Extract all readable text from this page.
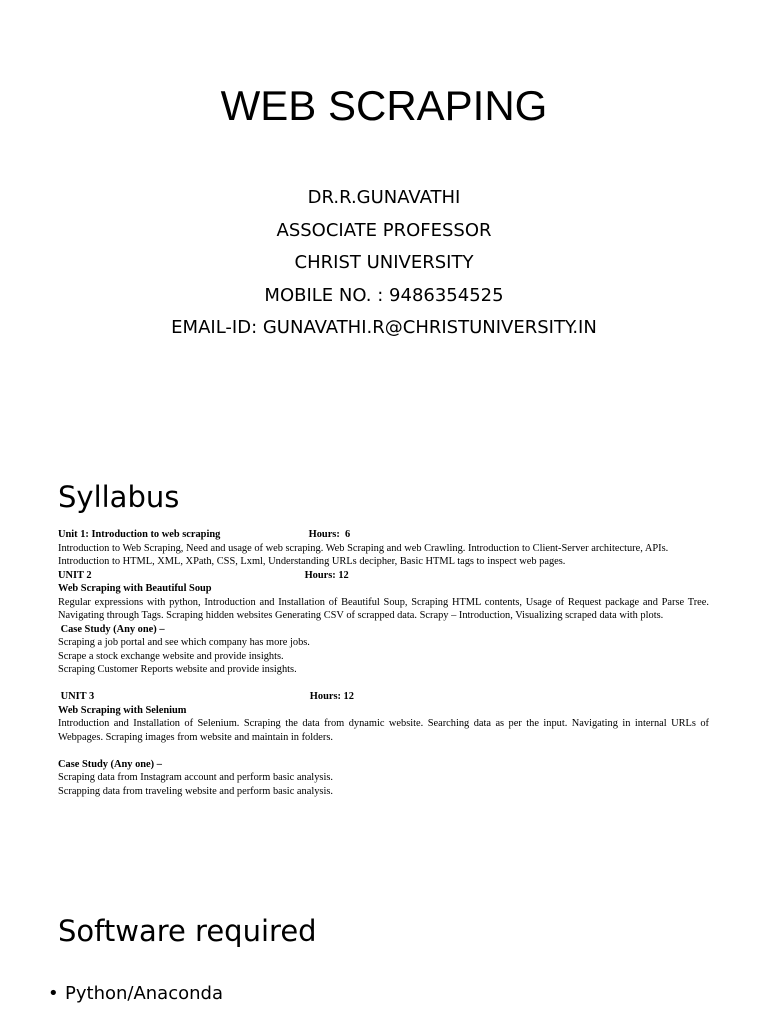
WEB SCRAPING
DR.R.GUNAVATHI
ASSOCIATE PROFESSOR
CHRIST UNIVERSITY
MOBILE NO. : 9486354525
EMAIL-ID: GUNAVATHI.R@CHRISTUNIVERSITY.IN
Syllabus

Unit 1: Introduction to web scraping                                  Hours:  6

Introduction to Web Scraping, Need and usage of web scraping. Web Scraping and web Crawling. Introduction to Client-Server architecture, APIs.

Introduction to HTML, XML, XPath, CSS, Lxml, Understanding URLs decipher, Basic HTML tags to inspect web pages.

UNIT 2                                                                                  Hours: 12

Web Scraping with Beautiful Soup

Regular expressions with python, Introduction and Installation of Beautiful Soup, Scraping HTML contents, Usage of Request package and Parse Tree. Navigating through Tags. Scraping hidden websites Generating CSV of scrapped data. Scrapy – Introduction, Visualizing scraped data with plots.

Case Study (Any one) –

Scraping a job portal and see which company has more jobs.

Scrape a stock exchange website and provide insights.

Scraping Customer Reports website and provide insights.

UNIT 3                                                                                   Hours: 12

Web Scraping with Selenium

Introduction and Installation of Selenium. Scraping the data from dynamic website. Searching data as per the input. Navigating in internal URLs of Webpages. Scraping images from website and maintain in folders.

Case Study (Any one) –

Scraping data from Instagram account and perform basic analysis.

Scrapping data from traveling website and perform basic analysis.

Software required
• Python/Anaconda
